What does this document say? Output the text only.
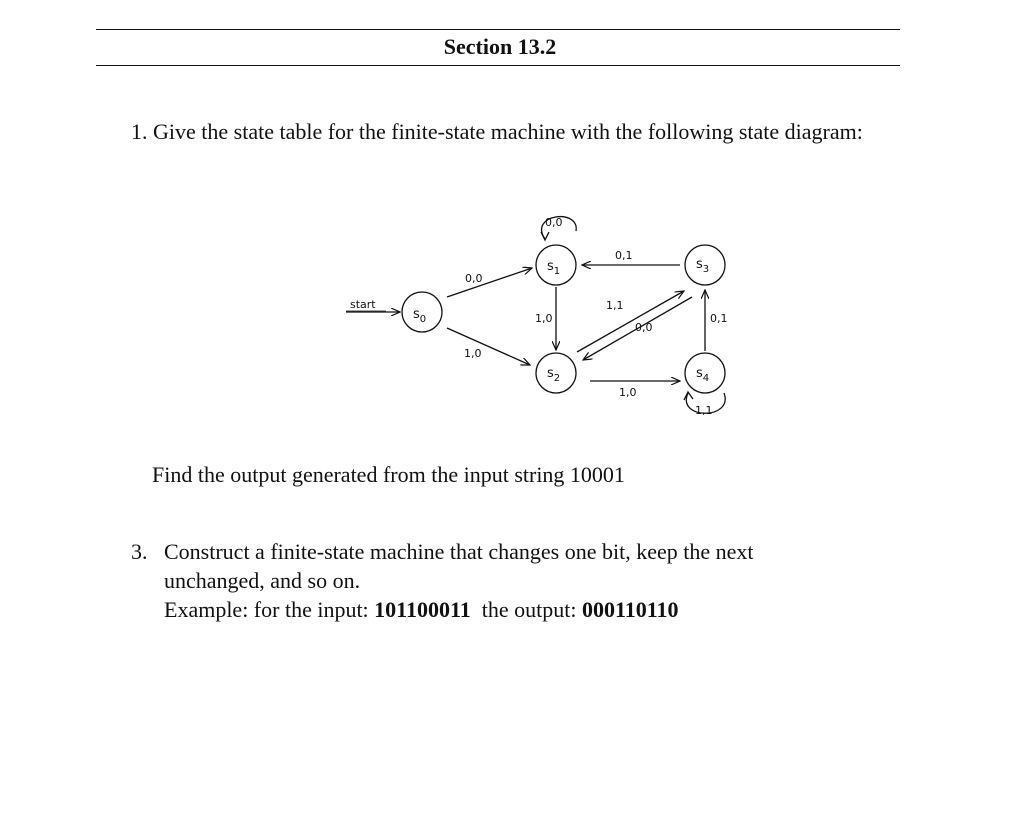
Section 13.2
1. Give the state table for the finite-state machine with the following state diagram:
start
$s_0$
$s_1$
$s_2$
$s_3$
$s_4$
0,0
1,0
0,0
1,0
0,1
1,1
0,0
0,1
1,0
1,1
Find the output generated from the input string 10001
3. Construct a finite-state machine that changes one bit, keep the next
unchanged, and so on.
Example: for the input: 101100011 the output: 000110110
